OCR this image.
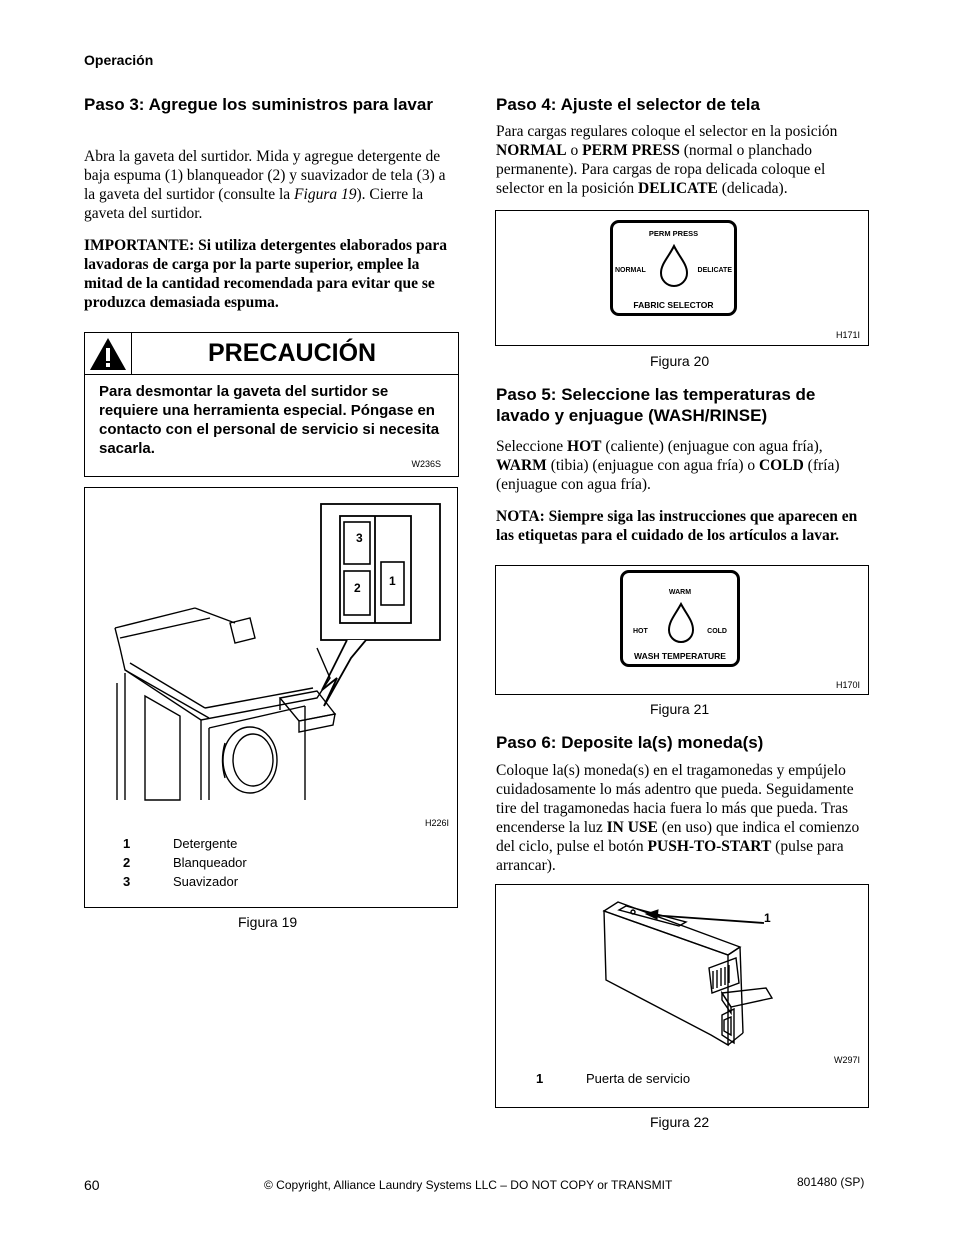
Operación
Paso 3: Agregue los suministros para lavar

Abra la gaveta del surtidor. Mida y agregue detergente de baja espuma (1) blanqueador (2) y suavizador de tela (3) a la gaveta del surtidor (consulte la Figura 19). Cierre la gaveta del surtidor.

IMPORTANTE: Si utiliza detergentes elaborados para lavadoras de carga por la parte superior, emplee la mitad de la cantidad recomendada para evitar que se produzca demasiada espuma.

PRECAUCIÓN
Para desmontar la gaveta del surtidor se requiere una herramienta especial. Póngase en contacto con el personal de servicio si necesita sacarla.
W236S
3
2 1
H226I
1	Detergente
2	Blanqueador
3	Suavizador
Figura 19
Paso 4: Ajuste el selector de tela

Para cargas regulares coloque el selector en la posición NORMAL o PERM PRESS (normal o planchado permanente). Para cargas de ropa delicada coloque el selector en la posición DELICATE (delicada).

PERM PRESS
NORMAL	DELICATE
FABRIC SELECTOR
H171I
Figura 20
Paso 5: Seleccione las temperaturas de lavado y enjuague (WASH/RINSE)

Seleccione HOT (caliente) (enjuague con agua fría), WARM (tibia) (enjuague con agua fría) o COLD (fría) (enjuague con agua fría).

NOTA: Siempre siga las instrucciones que aparecen en las etiquetas para el cuidado de los artículos a lavar.

WARM
HOT	COLD
WASH TEMPERATURE
H170I
Figura 21
Paso 6: Deposite la(s) moneda(s)

Coloque la(s) moneda(s) en el tragamonedas y empújelo cuidadosamente lo más adentro que pueda. Seguidamente tire del tragamonedas hacia fuera lo más que pueda. Tras encenderse la luz IN USE (en uso) que indica el comienzo del ciclo, pulse el botón PUSH-TO-START (pulse para arrancar).

1
W297I
1	Puerta de servicio
Figura 22
60	© Copyright, Alliance Laundry Systems LLC – DO NOT COPY or TRANSMIT	801480 (SP)
